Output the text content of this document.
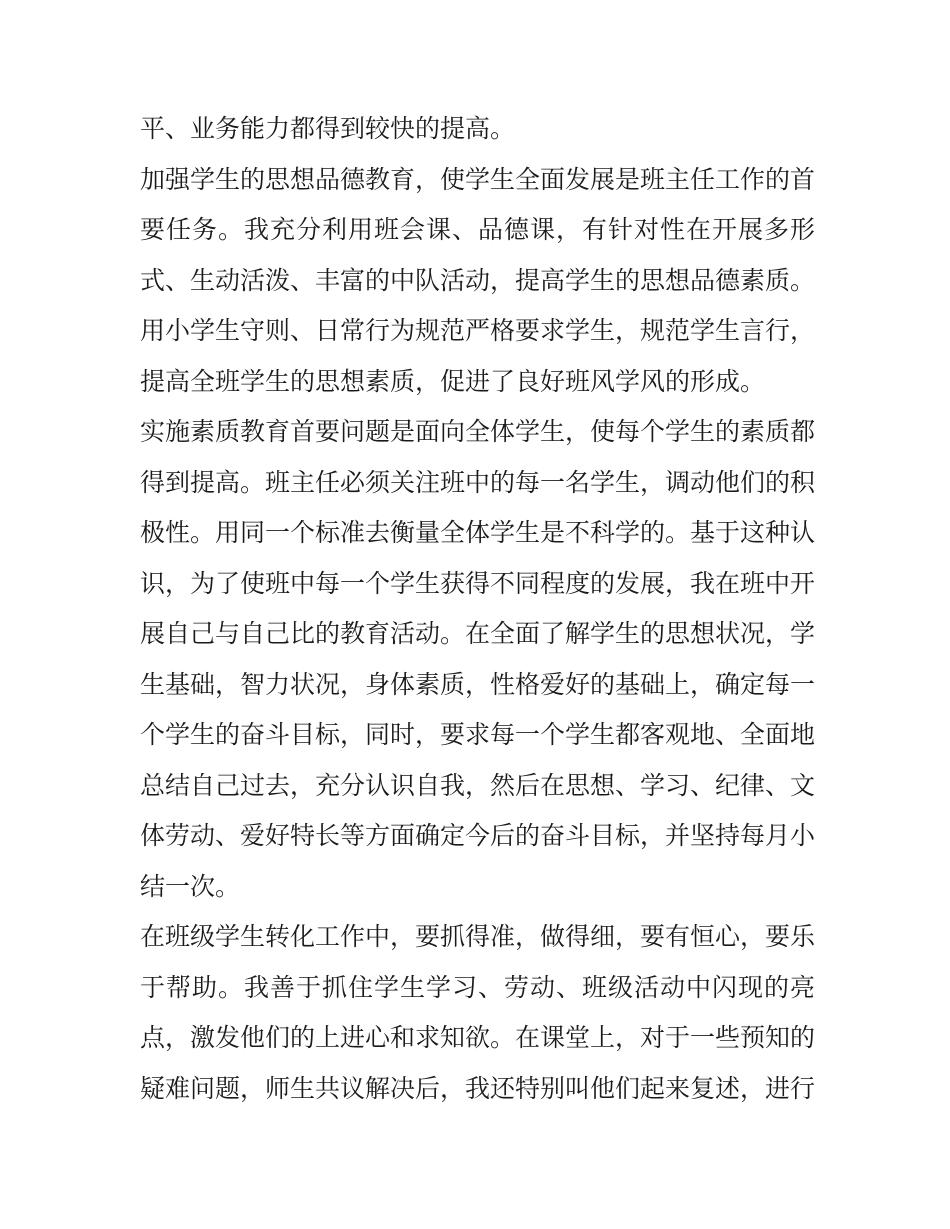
平、业务能力都得到较快的提高。
加强学生的思想品德教育，使学生全面发展是班主任工作的首
要任务。我充分利用班会课、品德课，有针对性在开展多形
式、生动活泼、丰富的中队活动，提高学生的思想品德素质。
用小学生守则、日常行为规范严格要求学生，规范学生言行，
提高全班学生的思想素质，促进了良好班风学风的形成。
实施素质教育首要问题是面向全体学生，使每个学生的素质都
得到提高。班主任必须关注班中的每一名学生，调动他们的积
极性。用同一个标准去衡量全体学生是不科学的。基于这种认
识，为了使班中每一个学生获得不同程度的发展，我在班中开
展自己与自己比的教育活动。在全面了解学生的思想状况，学
生基础，智力状况，身体素质，性格爱好的基础上，确定每一
个学生的奋斗目标，同时，要求每一个学生都客观地、全面地
总结自己过去，充分认识自我，然后在思想、学习、纪律、文
体劳动、爱好特长等方面确定今后的奋斗目标，并坚持每月小
结一次。
在班级学生转化工作中，要抓得准，做得细，要有恒心，要乐
于帮助。我善于抓住学生学习、劳动、班级活动中闪现的亮
点，激发他们的上进心和求知欲。在课堂上，对于一些预知的
疑难问题，师生共议解决后，我还特别叫他们起来复述，进行
